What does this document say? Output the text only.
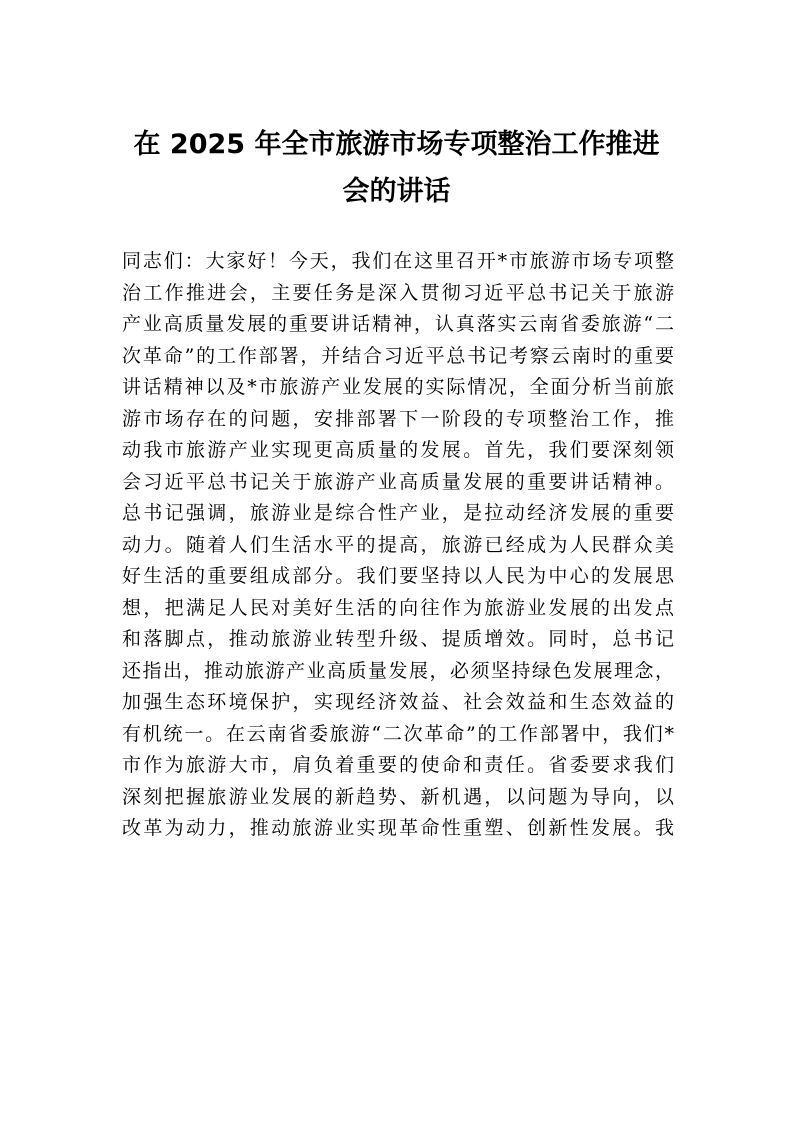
在 2025 年全市旅游市场专项整治工作推进
会的讲话
同志们：大家好！今天，我们在这里召开*市旅游市场专项整
治工作推进会，主要任务是深入贯彻习近平总书记关于旅游
产业高质量发展的重要讲话精神，认真落实云南省委旅游“二
次革命”的工作部署，并结合习近平总书记考察云南时的重要
讲话精神以及*市旅游产业发展的实际情况，全面分析当前旅
游市场存在的问题，安排部署下一阶段的专项整治工作，推
动我市旅游产业实现更高质量的发展。首先，我们要深刻领
会习近平总书记关于旅游产业高质量发展的重要讲话精神。
总书记强调，旅游业是综合性产业，是拉动经济发展的重要
动力。随着人们生活水平的提高，旅游已经成为人民群众美
好生活的重要组成部分。我们要坚持以人民为中心的发展思
想，把满足人民对美好生活的向往作为旅游业发展的出发点
和落脚点，推动旅游业转型升级、提质增效。同时，总书记
还指出，推动旅游产业高质量发展，必须坚持绿色发展理念，
加强生态环境保护，实现经济效益、社会效益和生态效益的
有机统一。在云南省委旅游“二次革命”的工作部署中，我们*
市作为旅游大市，肩负着重要的使命和责任。省委要求我们
深刻把握旅游业发展的新趋势、新机遇，以问题为导向，以
改革为动力，推动旅游业实现革命性重塑、创新性发展。我
